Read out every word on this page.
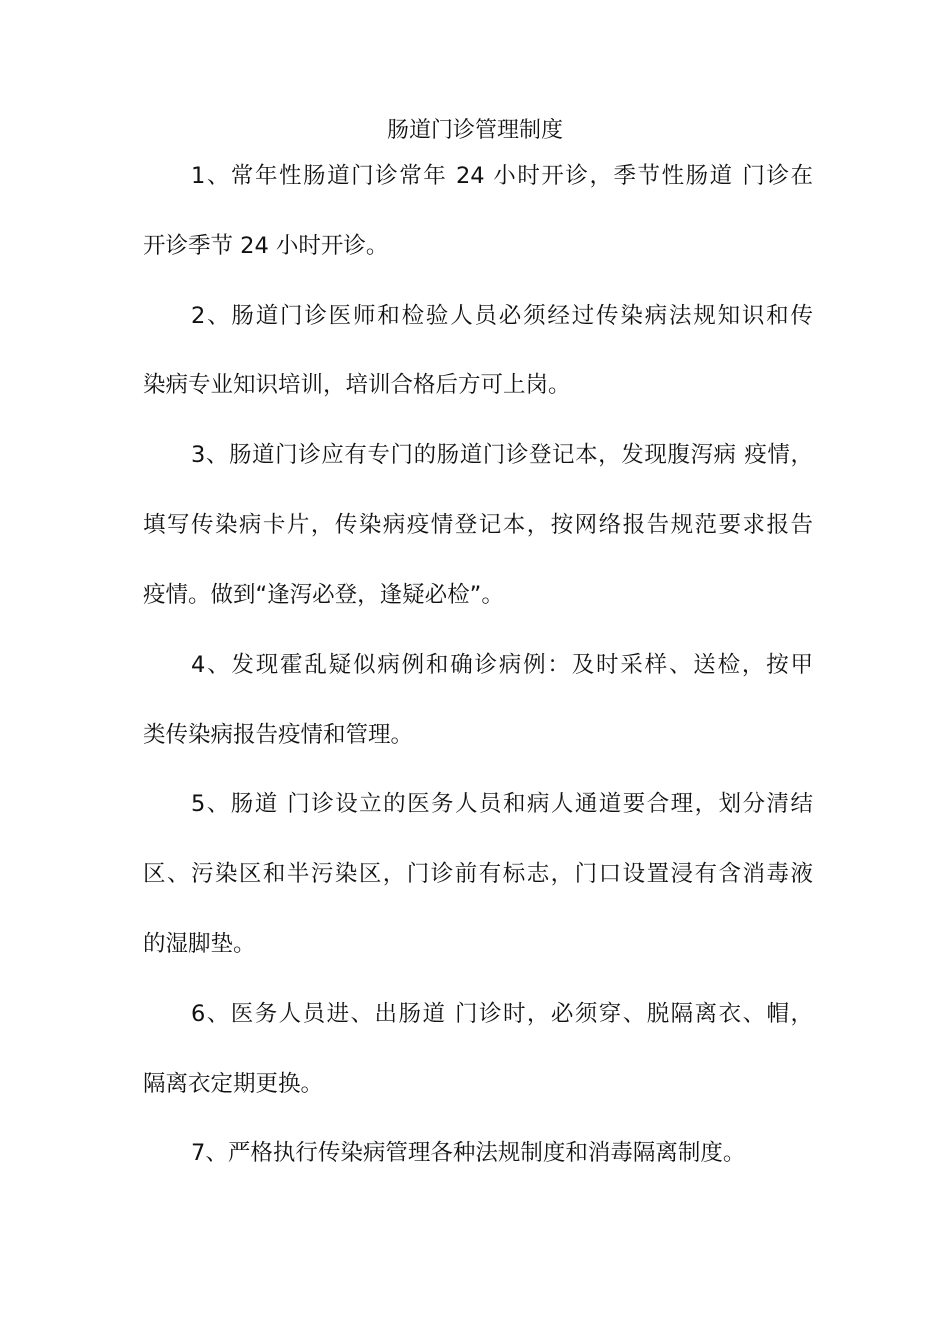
肠道门诊管理制度

1、常年性肠道门诊常年 24 小时开诊，季节性肠道 门诊在

开诊季节 24 小时开诊。

2、肠道门诊医师和检验人员必须经过传染病法规知识和传

染病专业知识培训，培训合格后方可上岗。

3、肠道门诊应有专门的肠道门诊登记本，发现腹泻病 疫情，

填写传染病卡片，传染病疫情登记本，按网络报告规范要求报告

疫情。做到“逢泻必登，逢疑必检”。

4、发现霍乱疑似病例和确诊病例：及时采样、送检，按甲

类传染病报告疫情和管理。

5、肠道 门诊设立的医务人员和病人通道要合理，划分清结

区、污染区和半污染区，门诊前有标志，门口设置浸有含消毒液

的湿脚垫。

6、医务人员进、出肠道 门诊时，必须穿、脱隔离衣、帽，

隔离衣定期更换。

7、严格执行传染病管理各种法规制度和消毒隔离制度。
